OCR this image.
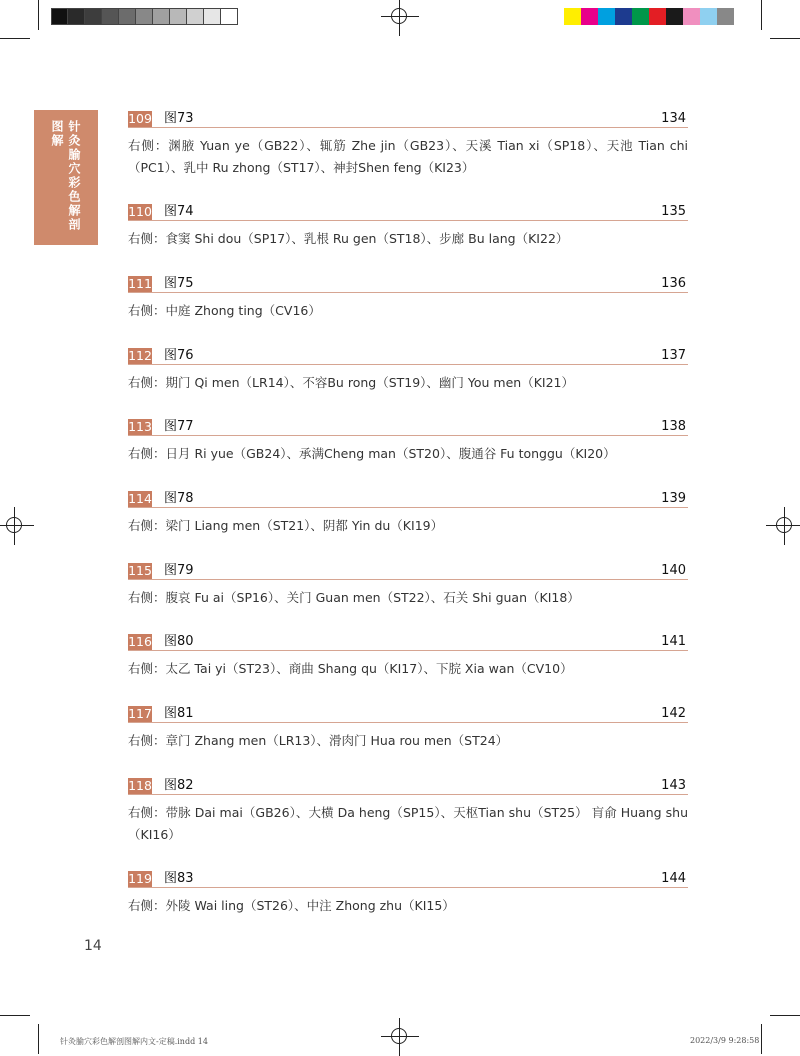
针灸腧穴彩色解剖图解
109 图73	134
右侧：渊腋 Yuan ye（GB22）、辄筋 Zhe jin（GB23）、天溪 Tian xi（SP18）、天池 Tian chi（PC1）、乳中 Ru zhong（ST17）、神封Shen feng（KI23）
110 图74	135
右侧：食窦 Shi dou（SP17）、乳根 Ru gen（ST18）、步廊 Bu lang（KI22）
111 图75	136
右侧：中庭 Zhong ting（CV16）
112 图76	137
右侧：期门 Qi men（LR14）、不容Bu rong（ST19）、幽门 You men（KI21）
113 图77	138
右侧：日月 Ri yue（GB24）、承满Cheng man（ST20）、腹通谷 Fu tonggu（KI20）
114 图78	139
右侧：梁门 Liang men（ST21）、阴都 Yin du（KI19）
115 图79	140
右侧：腹哀 Fu ai（SP16）、关门 Guan men（ST22）、石关 Shi guan（KI18）
116 图80	141
右侧：太乙 Tai yi（ST23）、商曲 Shang qu（KI17）、下脘 Xia wan（CV10）
117 图81	142
右侧：章门 Zhang men（LR13）、滑肉门 Hua rou men（ST24）
118 图82	143
右侧：带脉 Dai mai（GB26）、大横 Da heng（SP15）、天枢Tian shu（ST25） 肓俞 Huang shu（KI16）
119 图83	144
右侧：外陵 Wai ling（ST26）、中注 Zhong zhu（KI15）
14
针灸腧穴彩色解剖图解内文-定稿.indd 14	2022/3/9 9:28:58
